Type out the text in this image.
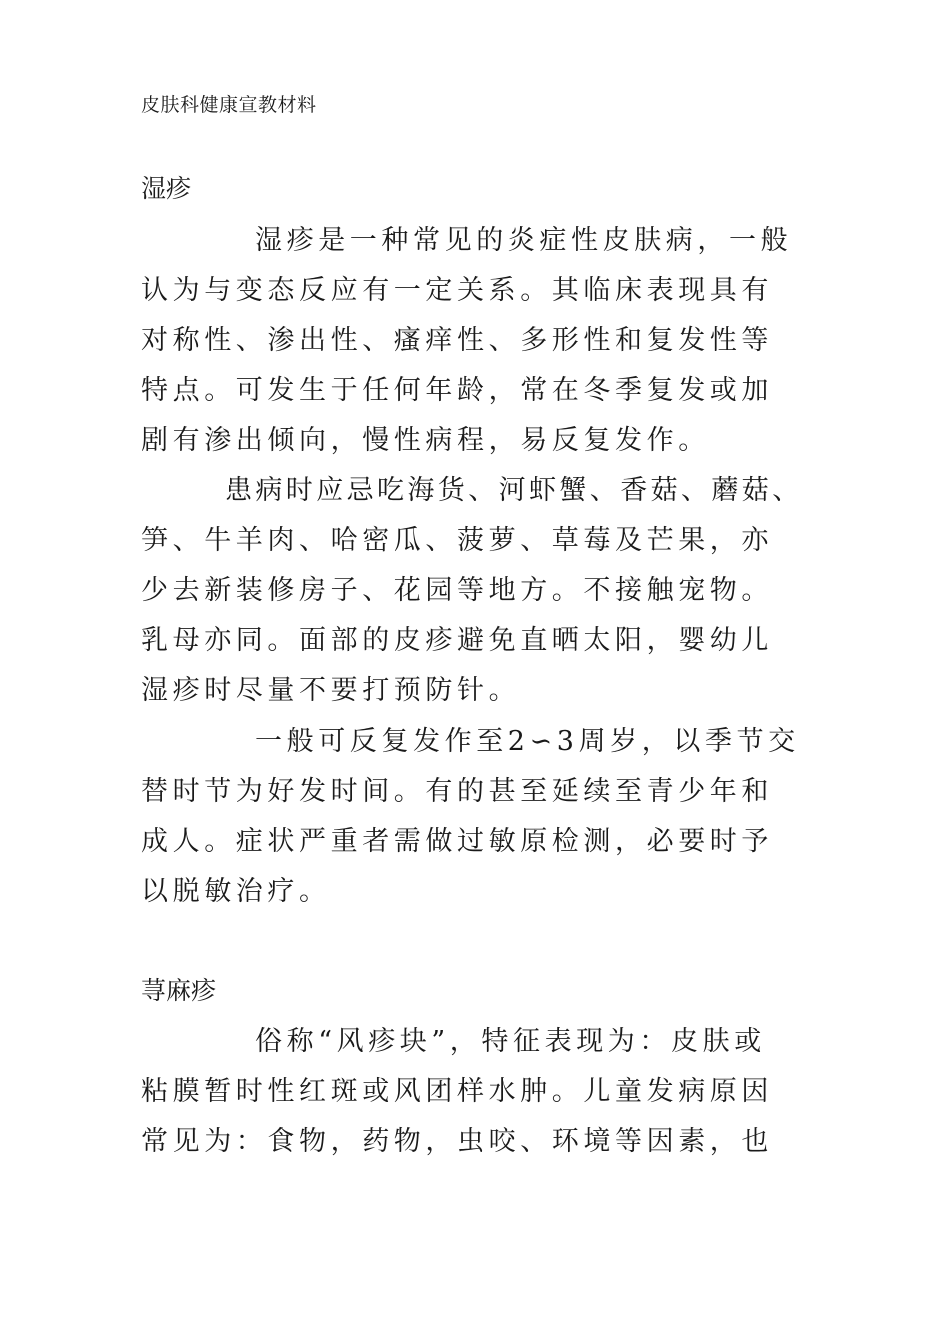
皮肤科健康宣教材料
湿疹
湿疹是一种常见的炎症性皮肤病，一般
认为与变态反应有一定关系。其临床表现具有
对称性、渗出性、瘙痒性、多形性和复发性等
特点。可发生于任何年龄，常在冬季复发或加
剧有渗出倾向，慢性病程，易反复发作。
患病时应忌吃海货、河虾蟹、香菇、蘑菇、
笋、牛羊肉、哈密瓜、菠萝、草莓及芒果，亦
少去新装修房子、花园等地方。不接触宠物。
乳母亦同。面部的皮疹避免直晒太阳，婴幼儿
湿疹时尽量不要打预防针。
一般可反复发作至2∽3周岁，以季节交
替时节为好发时间。有的甚至延续至青少年和
成人。症状严重者需做过敏原检测，必要时予
以脱敏治疗。
荨麻疹
俗称“风疹块”，特征表现为：皮肤或
粘膜暂时性红斑或风团样水肿。儿童发病原因
常见为：食物，药物，虫咬、环境等因素，也
